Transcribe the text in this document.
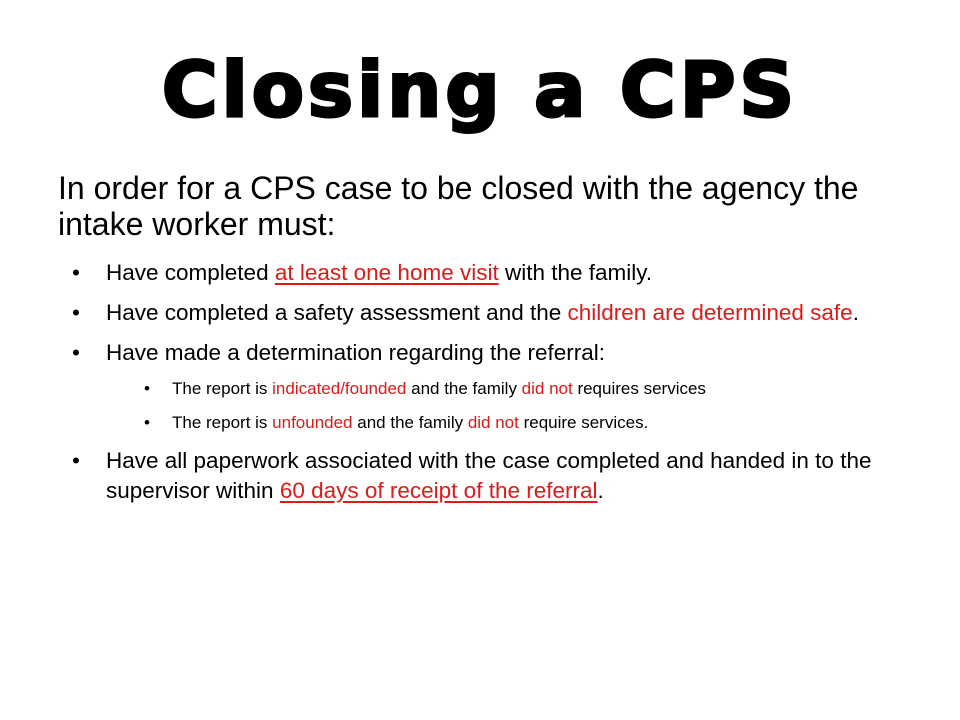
Closing a CPS
In order for a CPS case to be closed with the agency the intake worker must:
• Have completed at least one home visit with the family.
• Have completed a safety assessment and the children are determined safe.
• Have made a determination regarding the referral:
• The report is indicated/founded and the family did not requires services
• The report is unfounded and the family did not require services.
• Have all paperwork associated with the case completed and handed in to the supervisor within 60 days of receipt of the referral.
